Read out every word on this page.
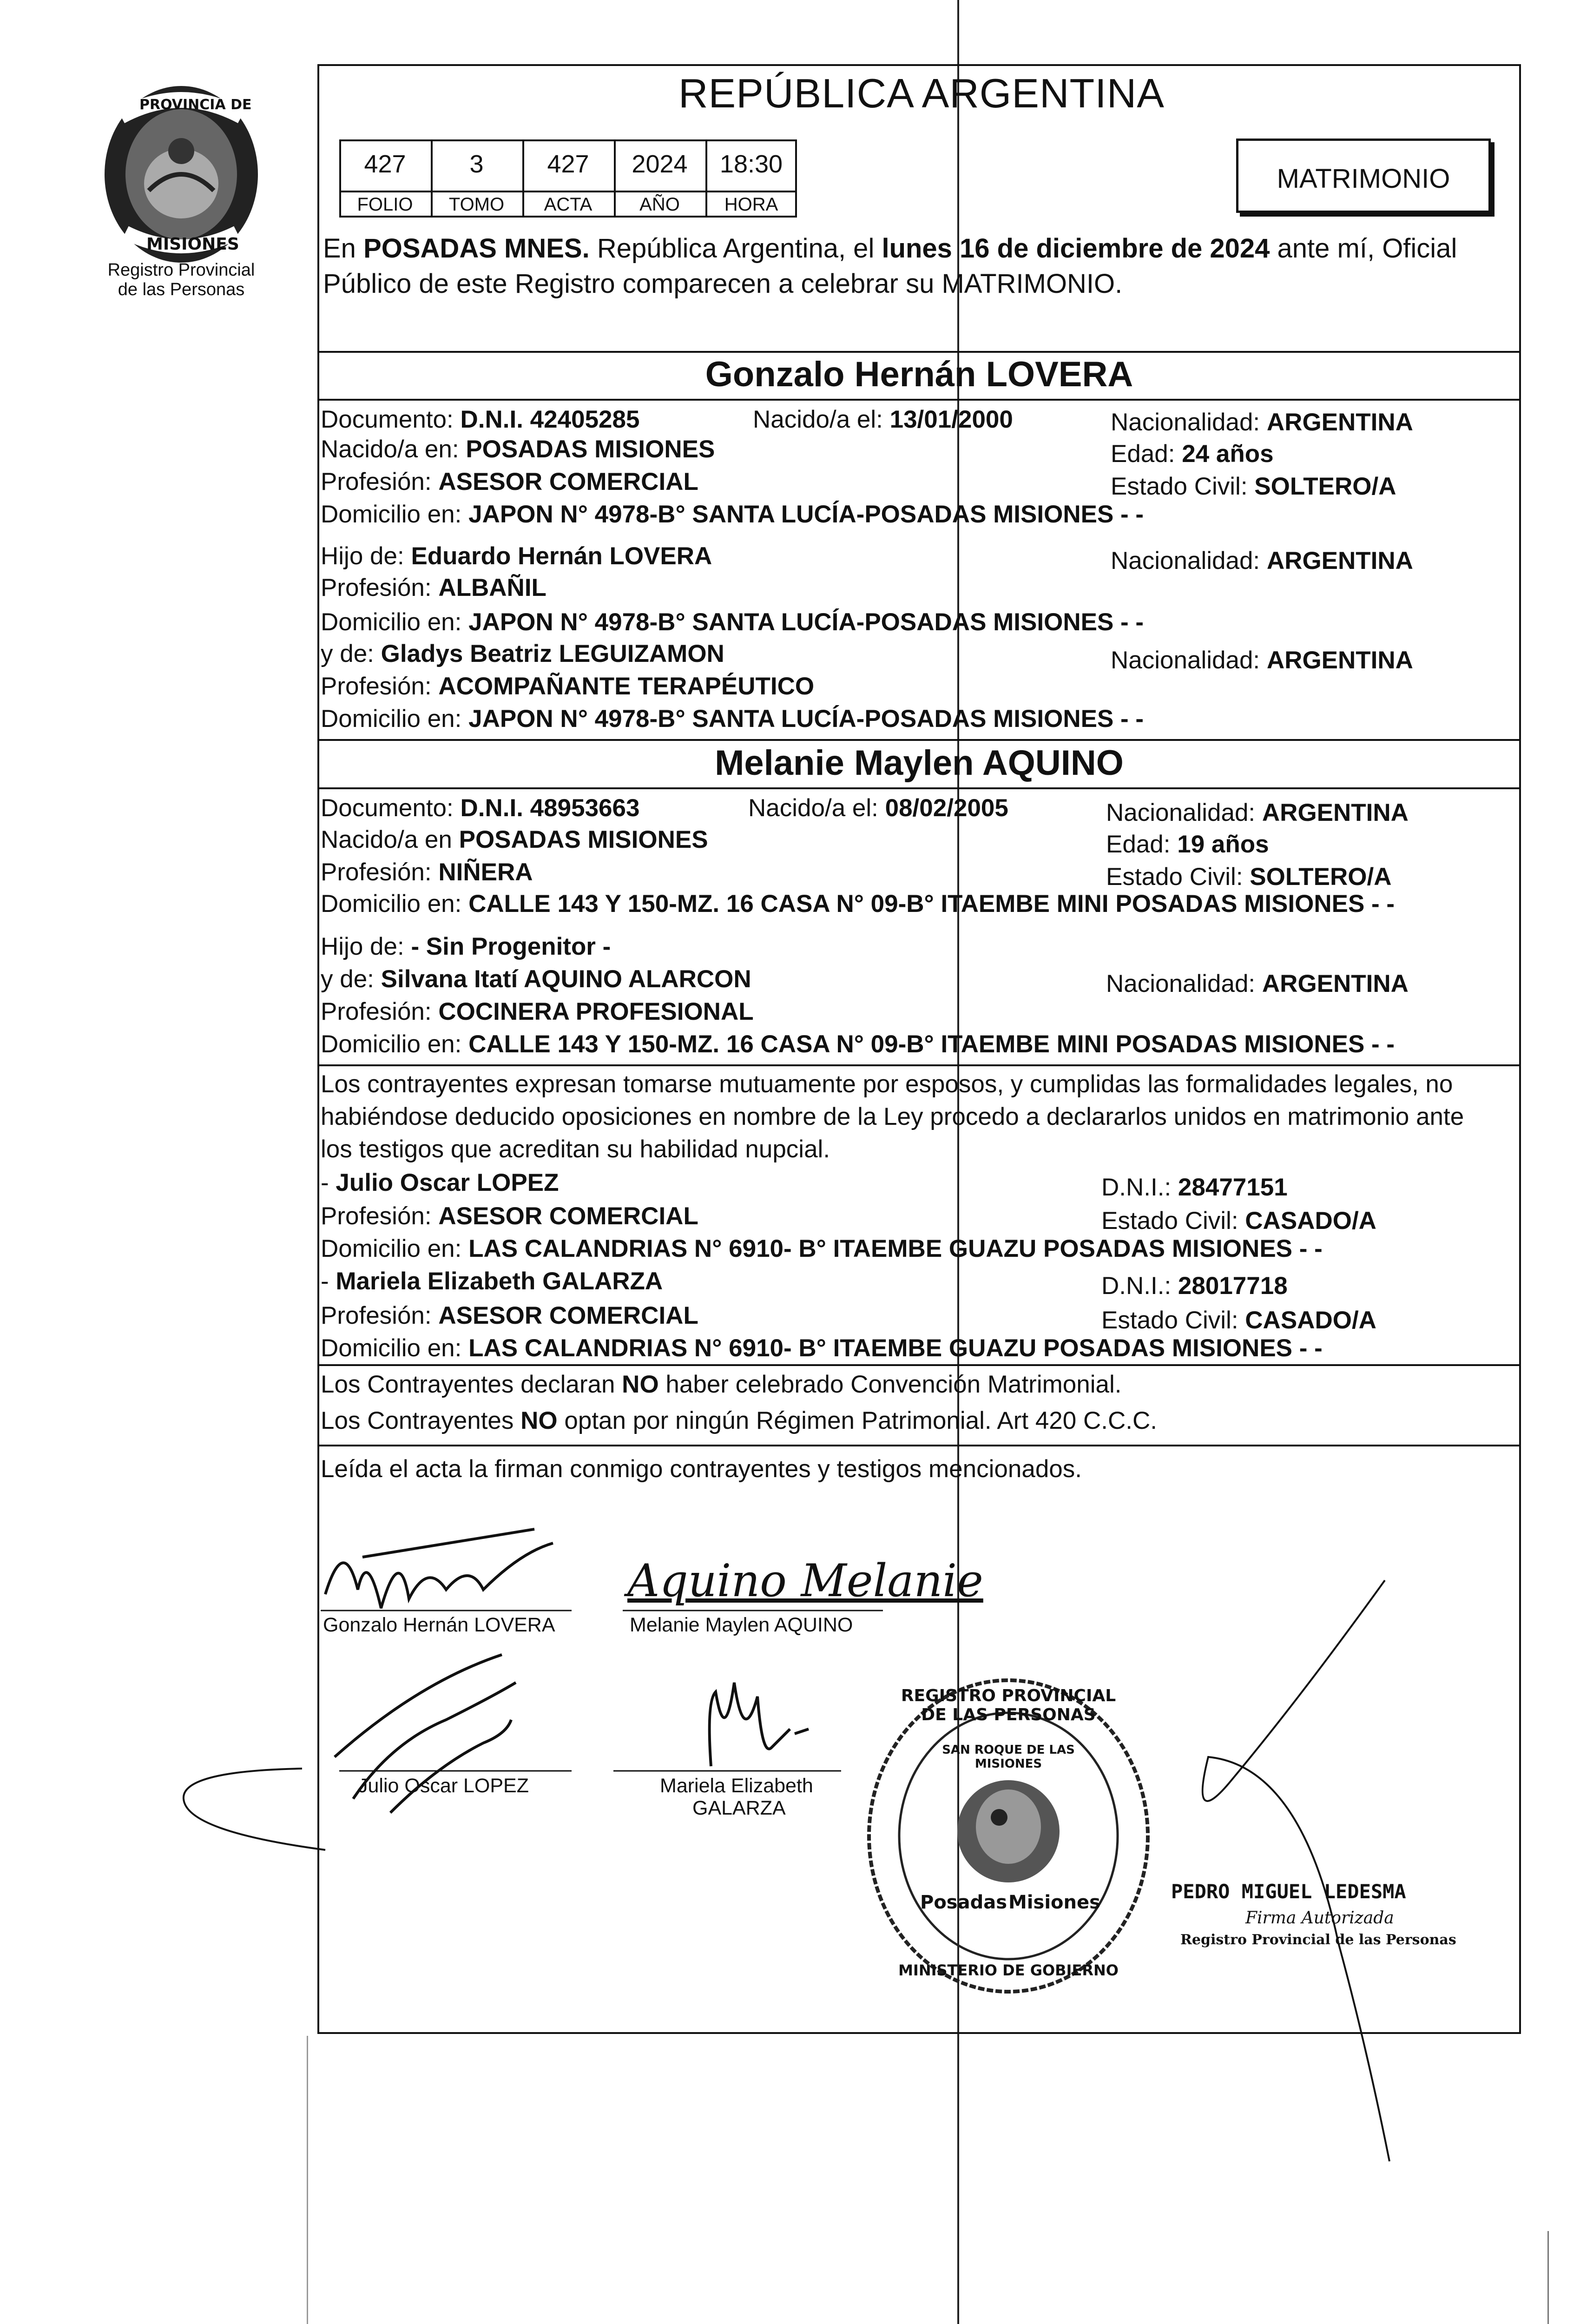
PROVINCIA DE
MISIONES
Registro Provincial
de las Personas
REPÚBLICA ARGENTINA
427	3	427	2024	18:30
FOLIO	TOMO	ACTA	AÑO	HORA
MATRIMONIO
En POSADAS MNES. República Argentina, el lunes 16 de diciembre de 2024 ante mí, Oficial
Público de este Registro comparecen a celebrar su MATRIMONIO.
Gonzalo Hernán LOVERA
Documento: D.N.I. 42405285	Nacido/a el: 13/01/2000	Nacionalidad: ARGENTINA
Nacido/a en: POSADAS MISIONES	Edad: 24 años
Profesión: ASESOR COMERCIAL	Estado Civil: SOLTERO/A
Domicilio en: JAPON N° 4978-B° SANTA LUCÍA-POSADAS MISIONES - -
Hijo de: Eduardo Hernán LOVERA	Nacionalidad: ARGENTINA
Profesión: ALBAÑIL
Domicilio en: JAPON N° 4978-B° SANTA LUCÍA-POSADAS MISIONES - -
y de: Gladys Beatriz LEGUIZAMON	Nacionalidad: ARGENTINA
Profesión: ACOMPAÑANTE TERAPÉUTICO
Domicilio en: JAPON N° 4978-B° SANTA LUCÍA-POSADAS MISIONES - -
Melanie Maylen AQUINO
Documento: D.N.I. 48953663	Nacido/a el: 08/02/2005	Nacionalidad: ARGENTINA
Nacido/a en POSADAS MISIONES	Edad: 19 años
Profesión: NIÑERA	Estado Civil: SOLTERO/A
Domicilio en: CALLE 143 Y 150-MZ. 16 CASA N° 09-B° ITAEMBE MINI POSADAS MISIONES - -
Hijo de: - Sin Progenitor -
y de: Silvana Itatí AQUINO ALARCON	Nacionalidad: ARGENTINA
Profesión: COCINERA PROFESIONAL
Domicilio en: CALLE 143 Y 150-MZ. 16 CASA N° 09-B° ITAEMBE MINI POSADAS MISIONES - -
Los contrayentes expresan tomarse mutuamente por esposos, y cumplidas las formalidades legales, no
habiéndose deducido oposiciones en nombre de la Ley procedo a declararlos unidos en matrimonio ante
los testigos que acreditan su habilidad nupcial.
- Julio Oscar LOPEZ	D.N.I.: 28477151
Profesión: ASESOR COMERCIAL	Estado Civil: CASADO/A
Domicilio en: LAS CALANDRIAS N° 6910- B° ITAEMBE GUAZU POSADAS MISIONES - -
- Mariela Elizabeth GALARZA	D.N.I.: 28017718
Profesión: ASESOR COMERCIAL	Estado Civil: CASADO/A
Domicilio en: LAS CALANDRIAS N° 6910- B° ITAEMBE GUAZU POSADAS MISIONES - -
Los Contrayentes declaran NO haber celebrado Convención Matrimonial.
Los Contrayentes NO optan por ningún Régimen Patrimonial. Art 420 C.C.C.
Leída el acta la firman conmigo contrayentes y testigos mencionados.
Aquino Melanie
Gonzalo Hernán LOVERA	Melanie Maylen AQUINO
Julio Oscar LOPEZ	Mariela Elizabeth
GALARZA
REGISTRO PROVINCIAL DE LAS PERSONAS
SAN ROQUE DE LAS MISIONES
Posadas Misiones
MINISTERIO DE GOBIERNO
PEDRO MIGUEL LEDESMA
Firma Autorizada
Registro Provincial de las Personas
